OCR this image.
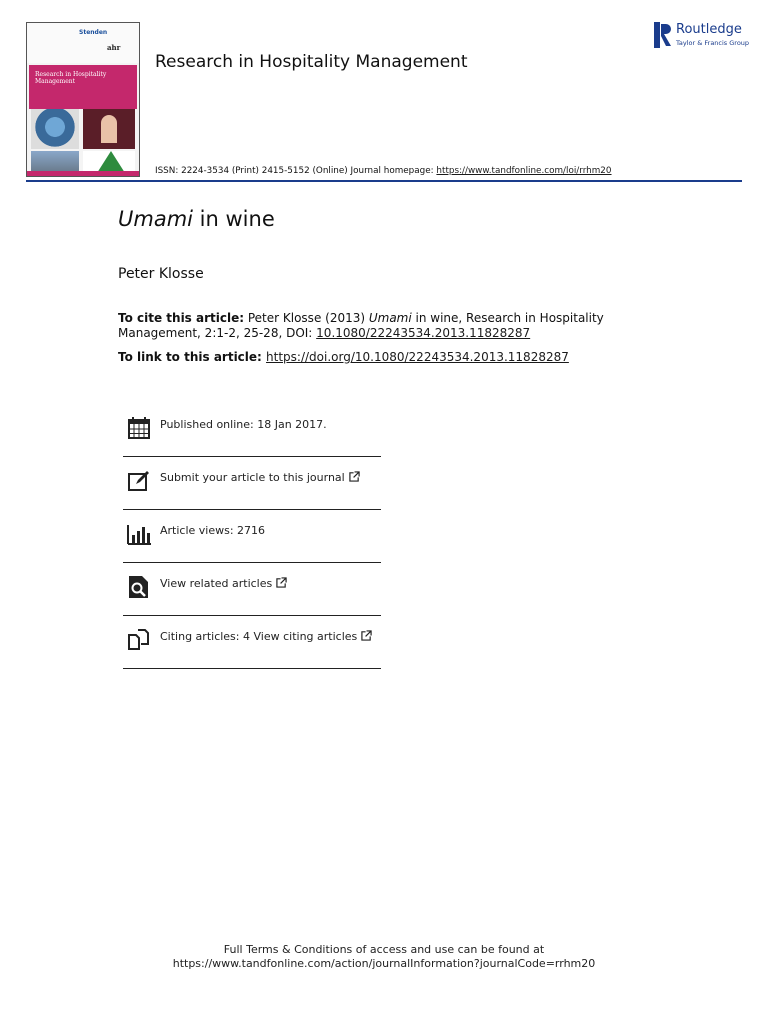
Stenden
ahr
Research in Hospitality Management
Research in Hospitality Management
ISSN: 2224-3534 (Print) 2415-5152 (Online) Journal homepage: https://www.tandfonline.com/loi/rrhm20
Routledge
Taylor & Francis Group
Umami in wine
Peter Klosse
To cite this article: Peter Klosse (2013) Umami in wine, Research in Hospitality Management, 2:1-2, 25-28, DOI: 10.1080/22243534.2013.11828287
To link to this article: https://doi.org/10.1080/22243534.2013.11828287
Published online: 18 Jan 2017.
Submit your article to this journal
Article views: 2716
View related articles
Citing articles: 4 View citing articles
Full Terms & Conditions of access and use can be found at
https://www.tandfonline.com/action/journalInformation?journalCode=rrhm20
